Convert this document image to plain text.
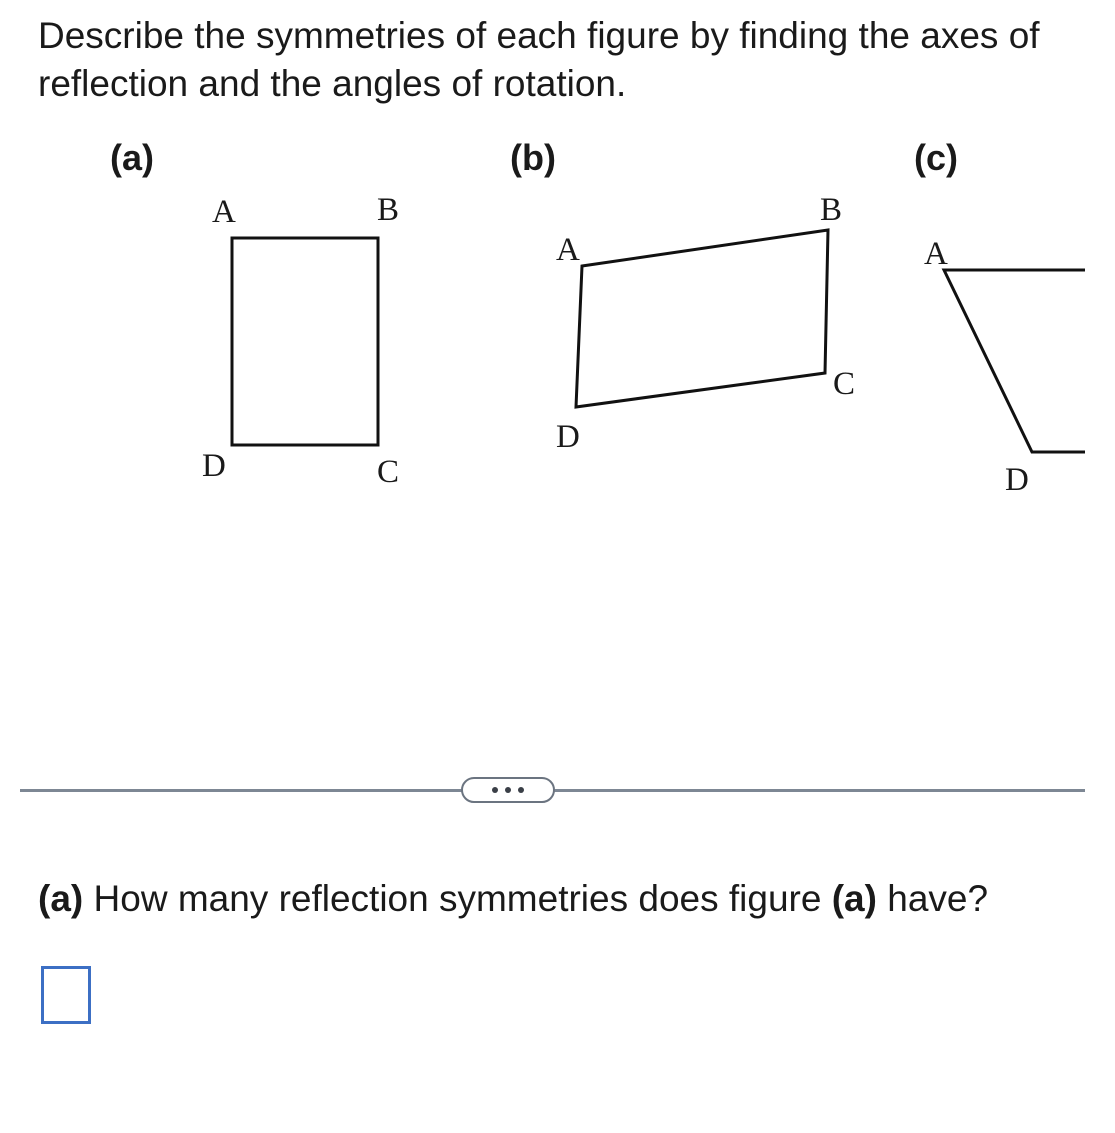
Describe the symmetries of each figure by finding the axes of reflection and the angles of rotation.

(a)	(b)	(c)
A	B
C
D
A
B
C
D
A
D

(a) How many reflection symmetries does figure (a) have?
